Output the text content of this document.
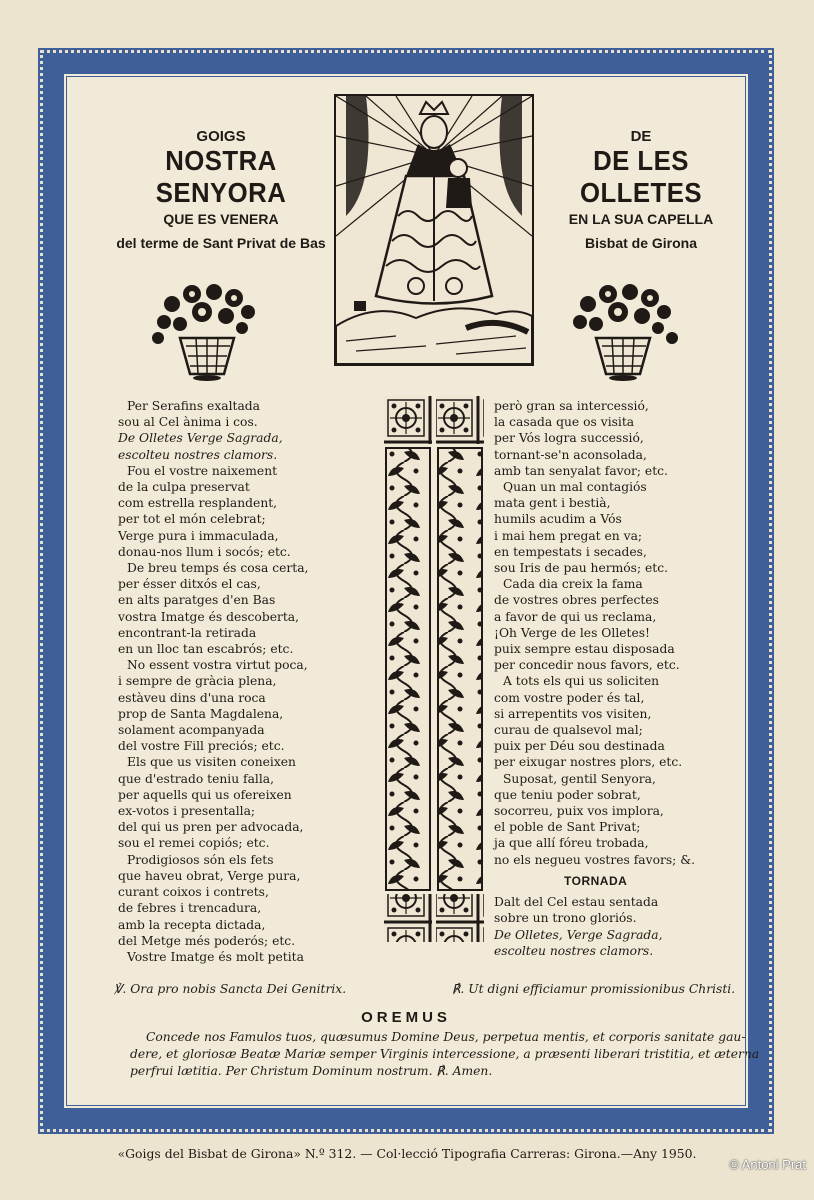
GOIGS
NOSTRA SENYORA
QUE ES VENERA
del terme de Sant Privat de Bas
DE
DE LES OLLETES
EN LA SUA CAPELLA
Bisbat de Girona
Per Serafins exaltada
sou al Cel ànima i cos.
De Olletes Verge Sagrada,
escolteu nostres clamors.
Fou el vostre naixement
de la culpa preservat
com estrella resplandent,
per tot el món celebrat;
Verge pura i immaculada,
donau-nos llum i socós; etc.
De breu temps és cosa certa,
per ésser ditxós el cas,
en alts paratges d'en Bas
vostra Imatge és descoberta,
encontrant-la retirada
en un lloc tan escabrós; etc.
No essent vostra virtut poca,
i sempre de gràcia plena,
estàveu dins d'una roca
prop de Santa Magdalena,
solament acompanyada
del vostre Fill preciós; etc.
Els que us visiten coneixen
que d'estrado teniu falla,
per aquells qui us ofereixen
ex-votos i presentalla;
del qui us pren per advocada,
sou el remei copiós; etc.
Prodigiosos són els fets
que haveu obrat, Verge pura,
curant coixos i contrets,
de febres i trencadura,
amb la recepta dictada,
del Metge més poderós; etc.
Vostre Imatge és molt petita
però gran sa intercessió,
la casada que os visita
per Vós logra successió,
tornant-se'n aconsolada,
amb tan senyalat favor; etc.
Quan un mal contagiós
mata gent i bestià,
humils acudim a Vós
i mai hem pregat en va;
en tempestats i secades,
sou Iris de pau hermós; etc.
Cada dia creix la fama
de vostres obres perfectes
a favor de qui us reclama,
¡Oh Verge de les Olletes!
puix sempre estau disposada
per concedir nous favors, etc.
A tots els qui us soliciten
com vostre poder és tal,
si arrepentits vos visiten,
curau de qualsevol mal;
puix per Déu sou destinada
per eixugar nostres plors, etc.
Suposat, gentil Senyora,
que teniu poder sobrat,
socorreu, puix vos implora,
el poble de Sant Privat;
ja que allí fóreu trobada,
no els negueu vostres favors; &.
TORNADA
Dalt del Cel estau sentada
sobre un trono gloriós.
De Olletes, Verge Sagrada,
escolteu nostres clamors.
℣. Ora pro nobis Sancta Dei Genitrix.	℟. Ut digni efficiamur promissionibus Christi.
OREMUS
Concede nos Famulos tuos, quæsumus Domine Deus, perpetua mentis, et corporis sanitate gau-
dere, et gloriosæ Beatæ Mariæ semper Virginis intercessione, a præsenti liberari tristitia, et æterna
perfrui lætitia. Per Christum Dominum nostrum. ℟. Amen.
«Goigs del Bisbat de Girona» N.º 312. — Col·lecció Tipografia Carreras: Girona.—Any 1950.
© Antoni Prat
